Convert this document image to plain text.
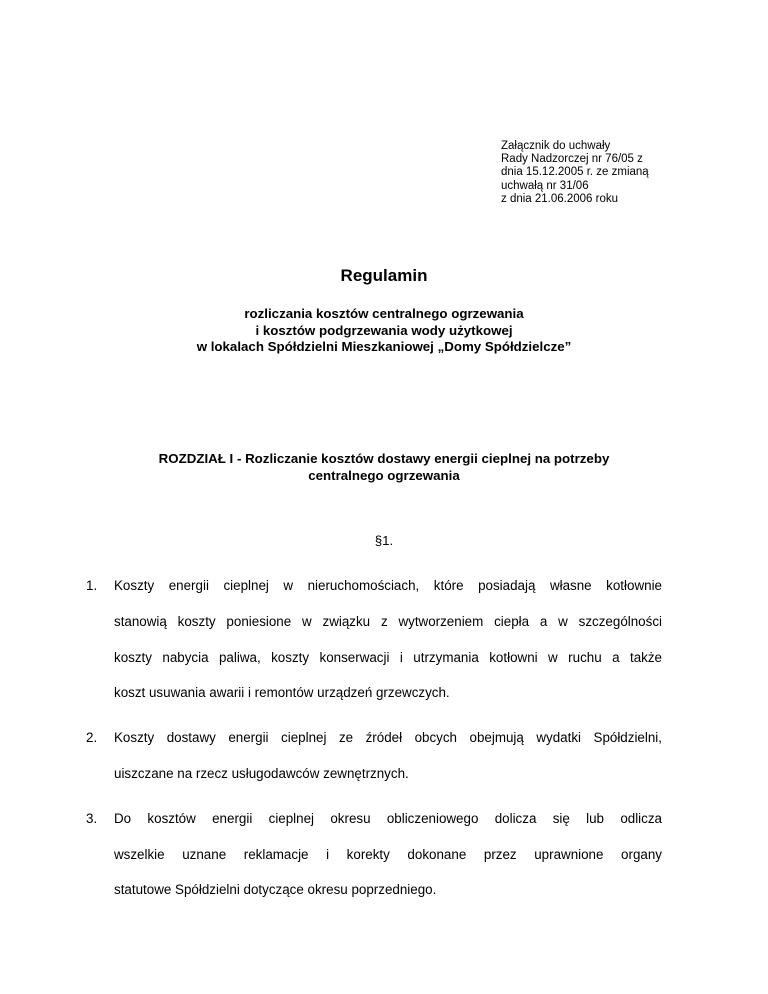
Załącznik do uchwały
Rady Nadzorczej nr 76/05 z
dnia 15.12.2005 r. ze zmianą
uchwałą nr 31/06
z dnia 21.06.2006 roku
Regulamin
rozliczania kosztów centralnego ogrzewania
i kosztów podgrzewania wody użytkowej
w lokalach Spółdzielni Mieszkaniowej „Domy Spółdzielcze”
ROZDZIAŁ I - Rozliczanie kosztów dostawy energii cieplnej na potrzeby
centralnego ogrzewania
§1.
1. Koszty energii cieplnej w nieruchomościach, które posiadają własne kotłownie
stanowią koszty poniesione w związku z wytworzeniem ciepła a w szczególności
koszty nabycia paliwa, koszty konserwacji i utrzymania kotłowni w ruchu a także
koszt usuwania awarii i remontów urządzeń grzewczych.
2. Koszty dostawy energii cieplnej ze źródeł obcych obejmują wydatki Spółdzielni,
uiszczane na rzecz usługodawców zewnętrznych.
3. Do kosztów energii cieplnej okresu obliczeniowego dolicza się lub odlicza
wszelkie uznane reklamacje i korekty dokonane przez uprawnione organy
statutowe Spółdzielni dotyczące okresu poprzedniego.
